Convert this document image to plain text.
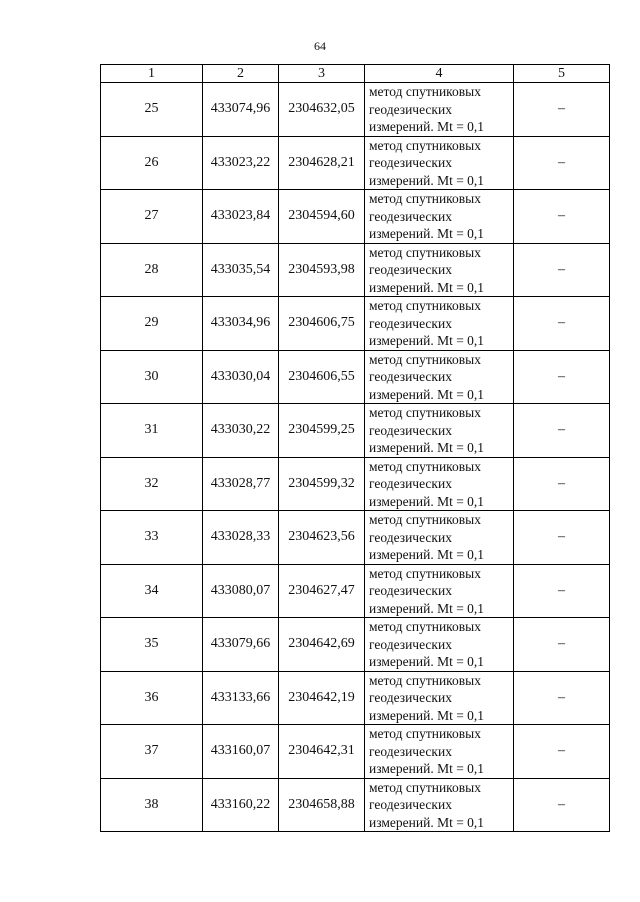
64
1	2	3	4	5
25	433074,96	2304632,05	метод спутниковых
геодезических
измерений. Mt = 0,1	–
26	433023,22	2304628,21	метод спутниковых
геодезических
измерений. Mt = 0,1	–
27	433023,84	2304594,60	метод спутниковых
геодезических
измерений. Mt = 0,1	–
28	433035,54	2304593,98	метод спутниковых
геодезических
измерений. Mt = 0,1	–
29	433034,96	2304606,75	метод спутниковых
геодезических
измерений. Mt = 0,1	–
30	433030,04	2304606,55	метод спутниковых
геодезических
измерений. Mt = 0,1	–
31	433030,22	2304599,25	метод спутниковых
геодезических
измерений. Mt = 0,1	–
32	433028,77	2304599,32	метод спутниковых
геодезических
измерений. Mt = 0,1	–
33	433028,33	2304623,56	метод спутниковых
геодезических
измерений. Mt = 0,1	–
34	433080,07	2304627,47	метод спутниковых
геодезических
измерений. Mt = 0,1	–
35	433079,66	2304642,69	метод спутниковых
геодезических
измерений. Mt = 0,1	–
36	433133,66	2304642,19	метод спутниковых
геодезических
измерений. Mt = 0,1	–
37	433160,07	2304642,31	метод спутниковых
геодезических
измерений. Mt = 0,1	–
38	433160,22	2304658,88	метод спутниковых
геодезических
измерений. Mt = 0,1	–
